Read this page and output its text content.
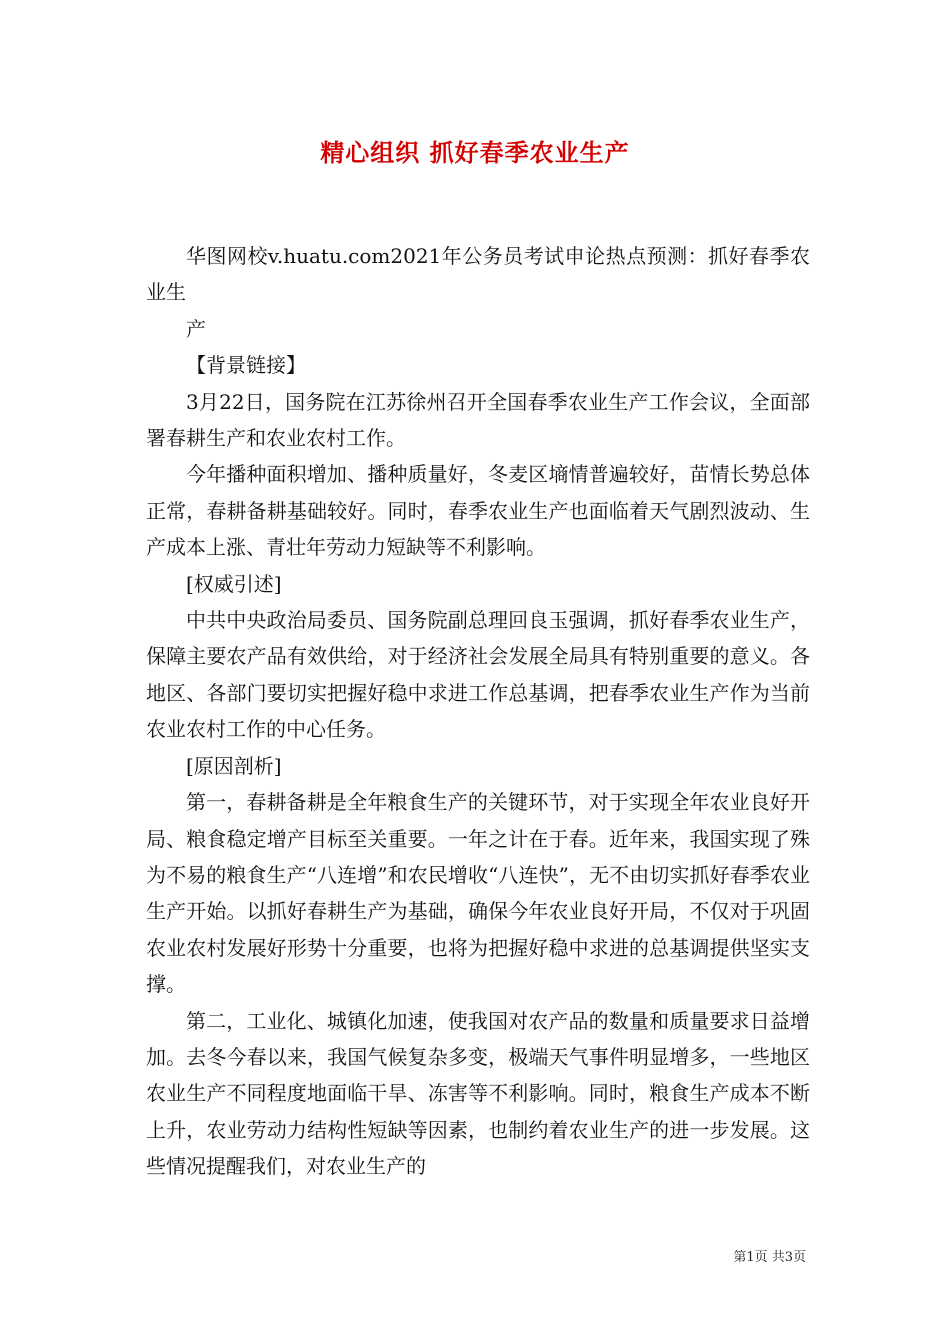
精心组织 抓好春季农业生产

华图网校v.huatu.com2021年公务员考试申论热点预测：抓好春季农业生

产

【背景链接】

3月22日，国务院在江苏徐州召开全国春季农业生产工作会议，全面部署春耕生产和农业农村工作。

今年播种面积增加、播种质量好，冬麦区墒情普遍较好，苗情长势总体正常，春耕备耕基础较好。同时，春季农业生产也面临着天气剧烈波动、生产成本上涨、青壮年劳动力短缺等不利影响。

[权威引述]

中共中央政治局委员、国务院副总理回良玉强调，抓好春季农业生产，保障主要农产品有效供给，对于经济社会发展全局具有特别重要的意义。各地区、各部门要切实把握好稳中求进工作总基调，把春季农业生产作为当前农业农村工作的中心任务。

[原因剖析]

第一，春耕备耕是全年粮食生产的关键环节，对于实现全年农业良好开局、粮食稳定增产目标至关重要。一年之计在于春。近年来，我国实现了殊为不易的粮食生产“八连增”和农民增收“八连快”，无不由切实抓好春季农业生产开始。以抓好春耕生产为基础，确保今年农业良好开局，不仅对于巩固农业农村发展好形势十分重要，也将为把握好稳中求进的总基调提供坚实支撑。

第二，工业化、城镇化加速，使我国对农产品的数量和质量要求日益增加。去冬今春以来，我国气候复杂多变，极端天气事件明显增多，一些地区农业生产不同程度地面临干旱、冻害等不利影响。同时，粮食生产成本不断上升，农业劳动力结构性短缺等因素，也制约着农业生产的进一步发展。这些情况提醒我们，对农业生产的

第1页 共3页
